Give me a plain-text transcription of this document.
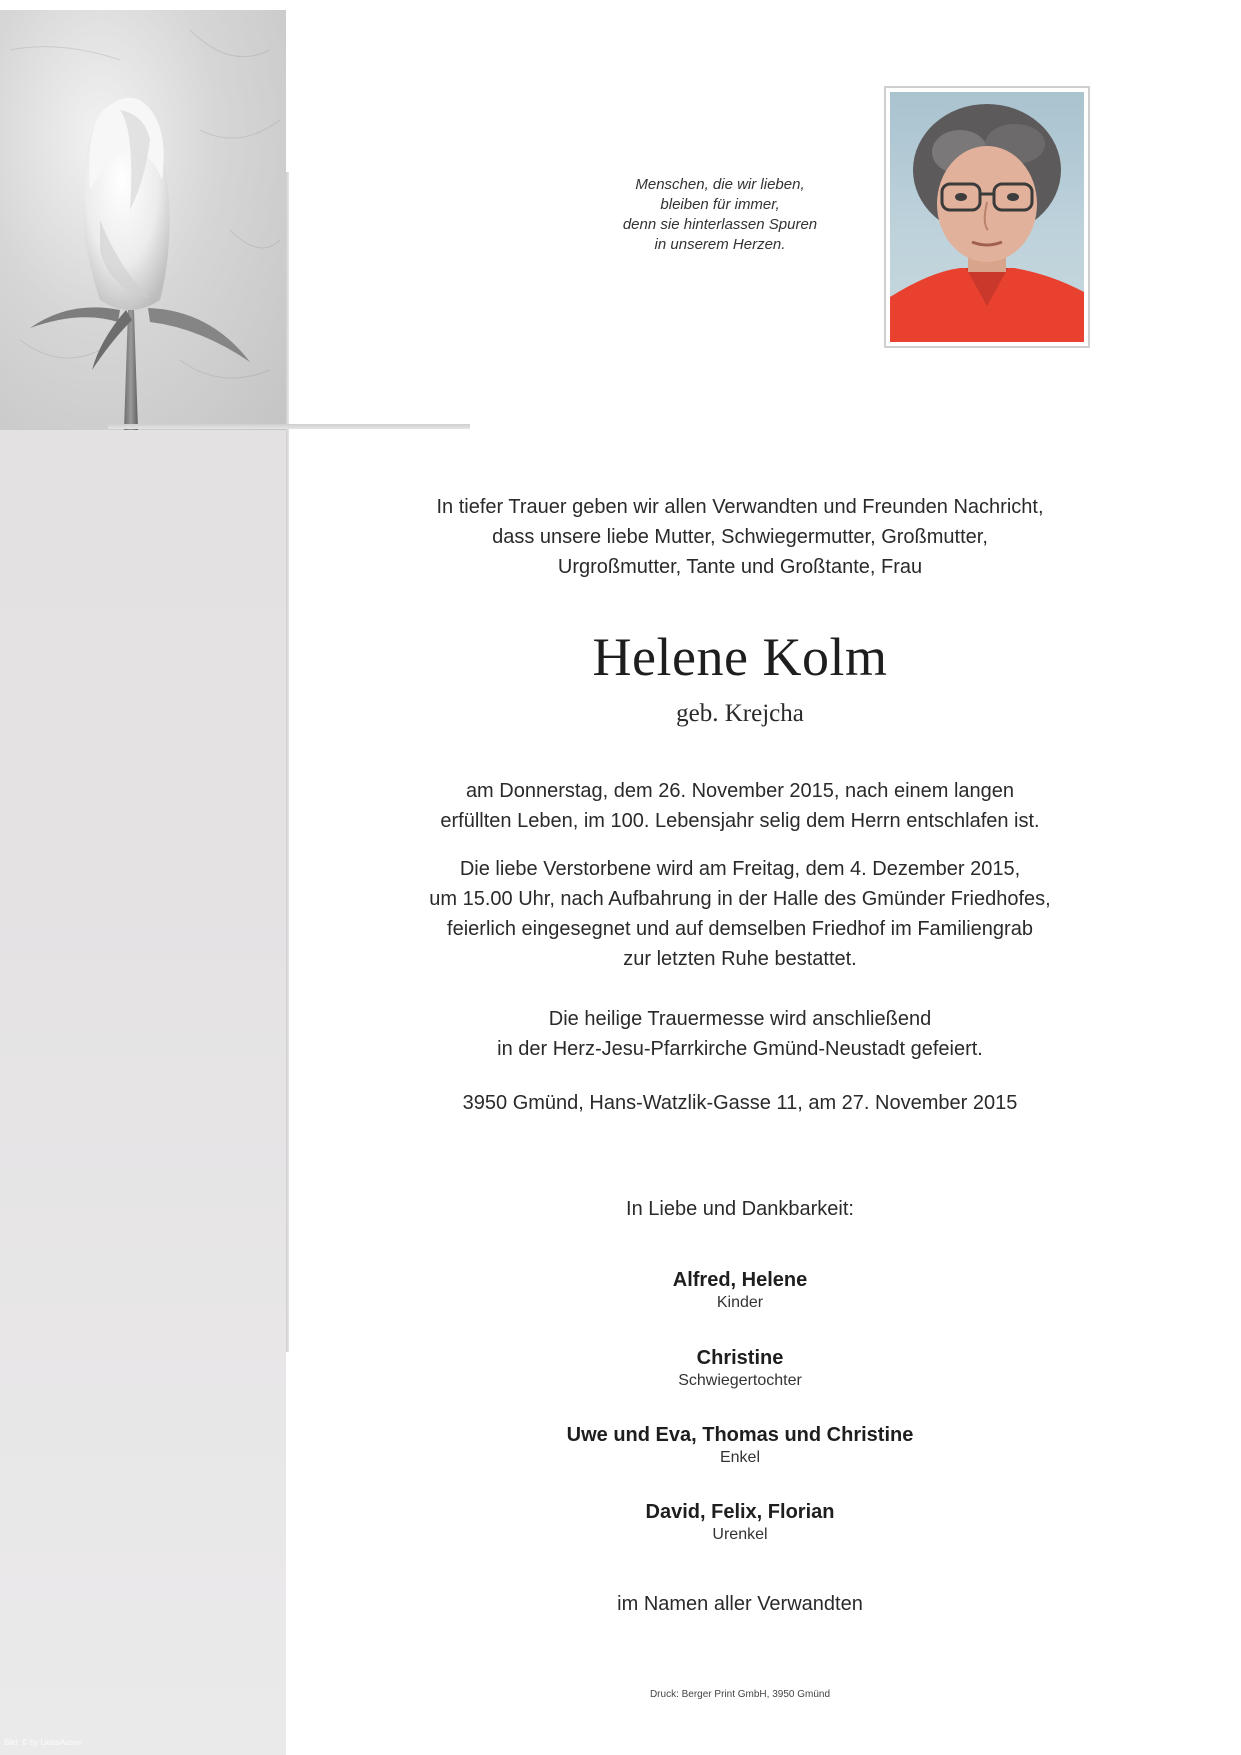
Bild: © by LiebsAusen
Menschen, die wir lieben,
bleiben für immer,
denn sie hinterlassen Spuren
in unserem Herzen.
In tiefer Trauer geben wir allen Verwandten und Freunden Nachricht,
dass unsere liebe Mutter, Schwiegermutter, Großmutter,
Urgroßmutter, Tante und Großtante, Frau
Helene Kolm
geb. Krejcha
am Donnerstag, dem 26. November 2015, nach einem langen
erfüllten Leben, im 100. Lebensjahr selig dem Herrn entschlafen ist.
Die liebe Verstorbene wird am Freitag, dem 4. Dezember 2015,
um 15.00 Uhr, nach Aufbahrung in der Halle des Gmünder Friedhofes,
feierlich eingesegnet und auf demselben Friedhof im Familiengrab
zur letzten Ruhe bestattet.
Die heilige Trauermesse wird anschließend
in der Herz-Jesu-Pfarrkirche Gmünd-Neustadt gefeiert.
3950 Gmünd, Hans-Watzlik-Gasse 11, am 27. November 2015
In Liebe und Dankbarkeit:
Alfred, Helene
Kinder
Christine
Schwiegertochter
Uwe und Eva, Thomas und Christine
Enkel
David, Felix, Florian
Urenkel
im Namen aller Verwandten
Druck: Berger Print GmbH, 3950 Gmünd
